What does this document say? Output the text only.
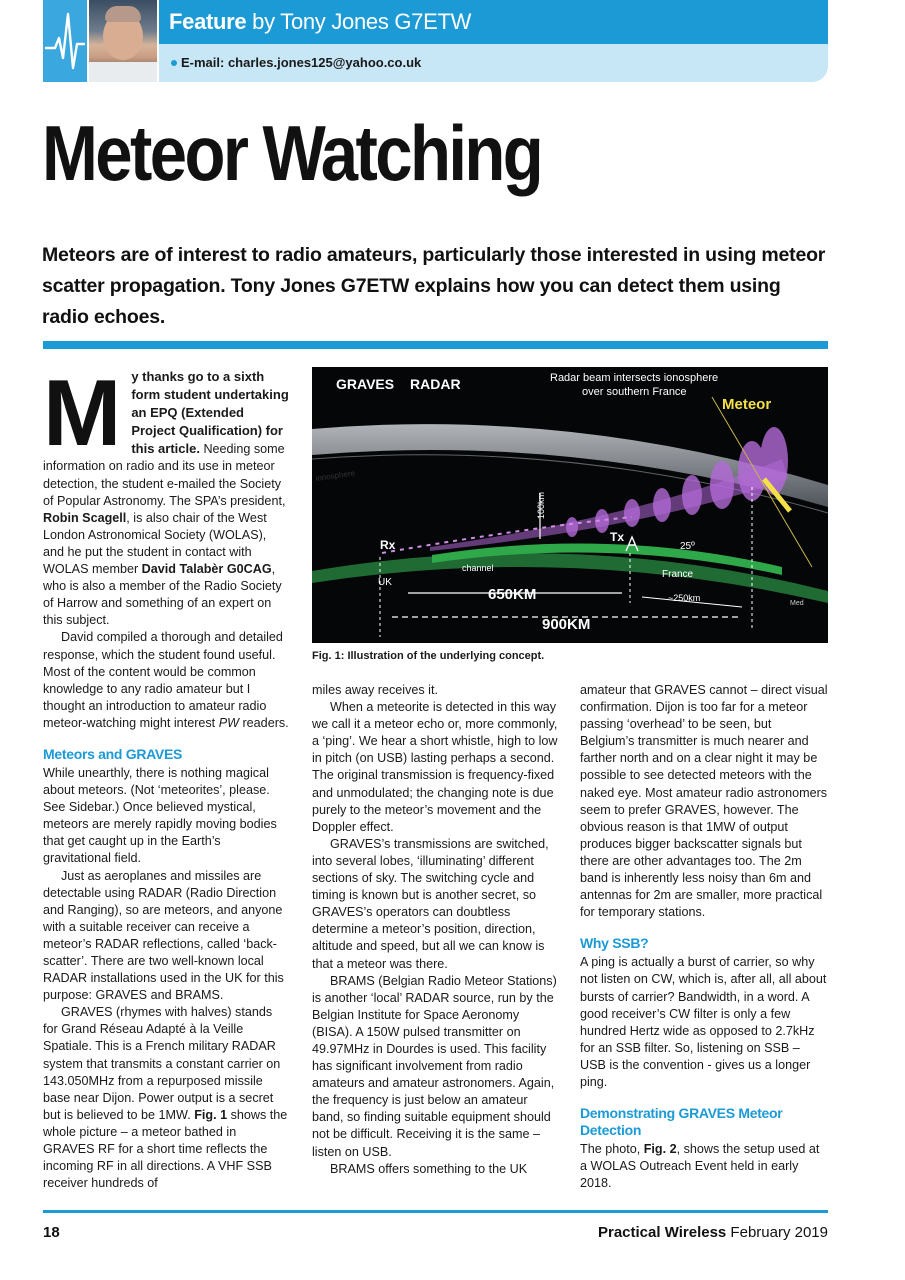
Feature by Tony Jones G7ETW
E-mail: charles.jones125@yahoo.co.uk
Meteor Watching
Meteors are of interest to radio amateurs, particularly those interested in using meteor scatter propagation. Tony Jones G7ETW explains how you can detect them using radio echoes.

My thanks go to a sixth form student undertaking an EPQ (Extended Project Qualification) for this article. Needing some information on radio and its use in meteor detection, the student e-mailed the Society of Popular Astronomy. The SPA’s president, Robin Scagell, is also chair of the West London Astronomical Society (WOLAS), and he put the student in contact with WOLAS member David Talabèr G0CAG, who is also a member of the Radio Society of Harrow and something of an expert on this subject.

David compiled a thorough and detailed response, which the student found useful. Most of the content would be common knowledge to any radio amateur but I thought an introduction to amateur radio meteor-watching might interest PW readers.

Meteors and GRAVES

While unearthly, there is nothing magical about meteors. (Not ‘meteorites’, please. See Sidebar.) Once believed mystical, meteors are merely rapidly moving bodies that get caught up in the Earth’s gravitational field.

Just as aeroplanes and missiles are detectable using RADAR (Radio Direction and Ranging), so are meteors, and anyone with a suitable receiver can receive a meteor’s RADAR reflections, called ‘back-scatter’. There are two well-known local RADAR installations used in the UK for this purpose: GRAVES and BRAMS.

GRAVES (rhymes with halves) stands for Grand Réseau Adapté à la Veille Spatiale. This is a French military RADAR system that transmits a constant carrier on 143.050MHz from a repurposed missile base near Dijon. Power output is a secret but is believed to be 1MW. Fig. 1 shows the whole picture – a meteor bathed in GRAVES RF for a short time reflects the incoming RF in all directions. A VHF SSB receiver hundreds of

GRAVES RADAR	Radar beam intersects ionosphere
over southern France
Meteor
ionosphere
100km
Rx
Tx
channel
UK
France
25º
Med
~250km
650KM
900KM
Fig. 1: Illustration of the underlying concept.

miles away receives it.

When a meteorite is detected in this way we call it a meteor echo or, more commonly, a ‘ping’. We hear a short whistle, high to low in pitch (on USB) lasting perhaps a second. The original transmission is frequency-fixed and unmodulated; the changing note is due purely to the meteor’s movement and the Doppler effect.

GRAVES’s transmissions are switched, into several lobes, ‘illuminating’ different sections of sky. The switching cycle and timing is known but is another secret, so GRAVES’s operators can doubtless determine a meteor’s position, direction, altitude and speed, but all we can know is that a meteor was there.

BRAMS (Belgian Radio Meteor Stations) is another ‘local’ RADAR source, run by the Belgian Institute for Space Aeronomy (BISA). A 150W pulsed transmitter on 49.97MHz in Dourdes is used. This facility has significant involvement from radio amateurs and amateur astronomers. Again, the frequency is just below an amateur band, so finding suitable equipment should not be difficult. Receiving it is the same – listen on USB.

BRAMS offers something to the UK

amateur that GRAVES cannot – direct visual confirmation. Dijon is too far for a meteor passing ‘overhead’ to be seen, but Belgium’s transmitter is much nearer and farther north and on a clear night it may be possible to see detected meteors with the naked eye. Most amateur radio astronomers seem to prefer GRAVES, however. The obvious reason is that 1MW of output produces bigger backscatter signals but there are other advantages too. The 2m band is inherently less noisy than 6m and antennas for 2m are smaller, more practical for temporary stations.

Why SSB?

A ping is actually a burst of carrier, so why not listen on CW, which is, after all, all about bursts of carrier? Bandwidth, in a word. A good receiver’s CW filter is only a few hundred Hertz wide as opposed to 2.7kHz for an SSB filter. So, listening on SSB – USB is the convention - gives us a longer ping.

Demonstrating GRAVES Meteor Detection

The photo, Fig. 2, shows the setup used at a WOLAS Outreach Event held in early 2018.

18	Practical Wireless February 2019
